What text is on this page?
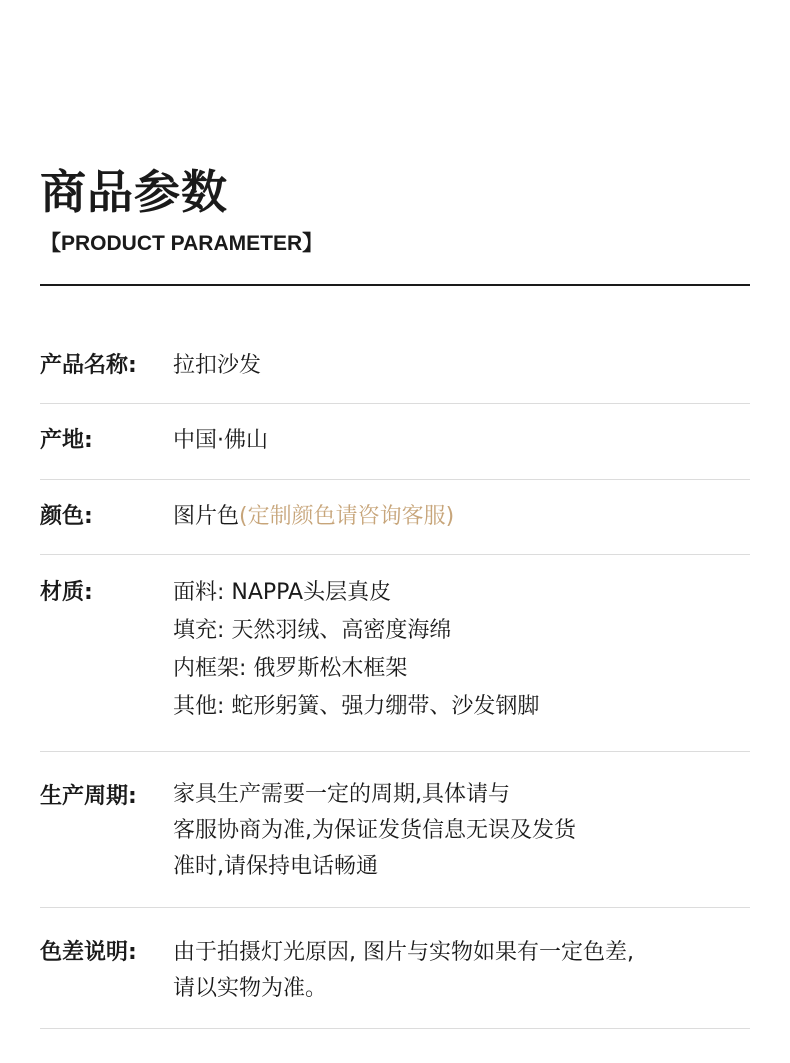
商品参数
【PRODUCT PARAMETER】
产品名称: 拉扣沙发
产地:	中国·佛山
颜色:	图片色(定制颜色请咨询客服)
材质:	面料: NAPPA头层真皮
填充: 天然羽绒、高密度海绵
内框架: 俄罗斯松木框架
其他: 蛇形躬簧、强力绷带、沙发钢脚
生产周期: 家具生产需要一定的周期,具体请与
客服协商为准,为保证发货信息无误及发货
准时,请保持电话畅通
色差说明: 由于拍摄灯光原因, 图片与实物如果有一定色差,
请以实物为准。
